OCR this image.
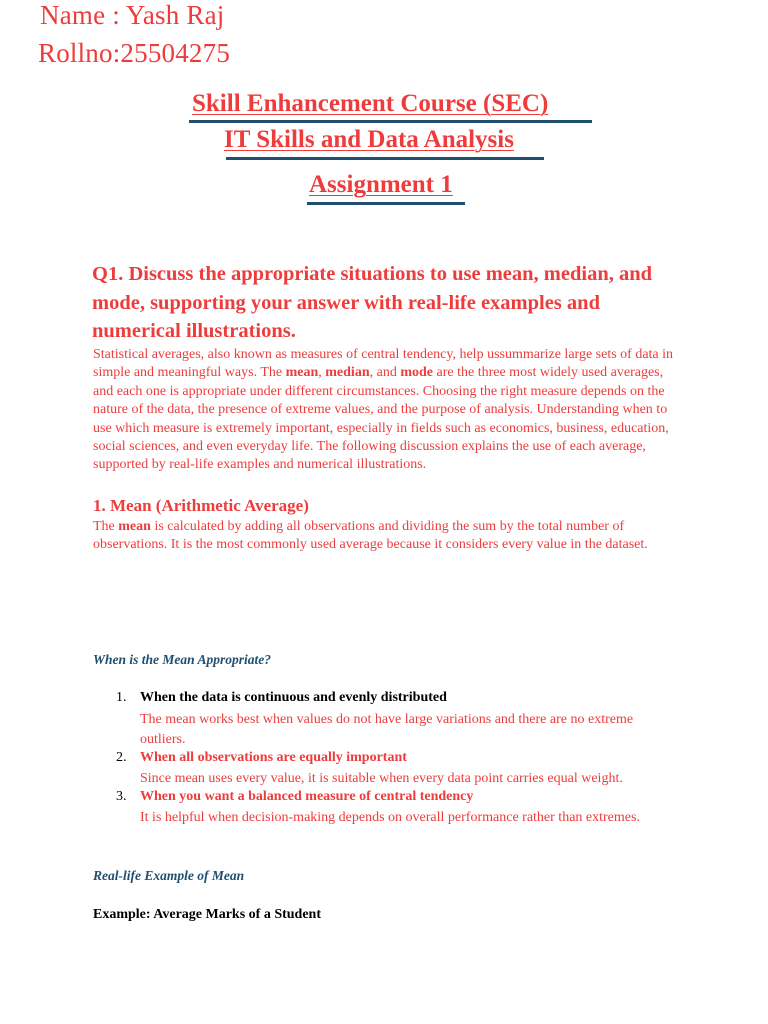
Name : Yash Raj
Rollno:25504275
Skill Enhancement Course (SEC)
IT Skills and Data Analysis
Assignment 1
Q1. Discuss the appropriate situations to use mean, median, and mode, supporting your answer with real-life examples and numerical illustrations.
Statistical averages, also known as measures of central tendency, help ussummarize large sets of data in simple and meaningful ways. The mean, median, and mode are the three most widely used averages, and each one is appropriate under different circumstances. Choosing the right measure depends on the nature of the data, the presence of extreme values, and the purpose of analysis. Understanding when to use which measure is extremely important, especially in fields such as economics, business, education, social sciences, and even everyday life. The following discussion explains the use of each average, supported by real-life examples and numerical illustrations.
1. Mean (Arithmetic Average)
The mean is calculated by adding all observations and dividing the sum by the total number of observations. It is the most commonly used average because it considers every value in the dataset.
When is the Mean Appropriate?
1. When the data is continuous and evenly distributed
The mean works best when values do not have large variations and there are no extreme outliers.
2. When all observations are equally important
Since mean uses every value, it is suitable when every data point carries equal weight.
3. When you want a balanced measure of central tendency
It is helpful when decision-making depends on overall performance rather than extremes.
Real-life Example of Mean
Example: Average Marks of a Student
